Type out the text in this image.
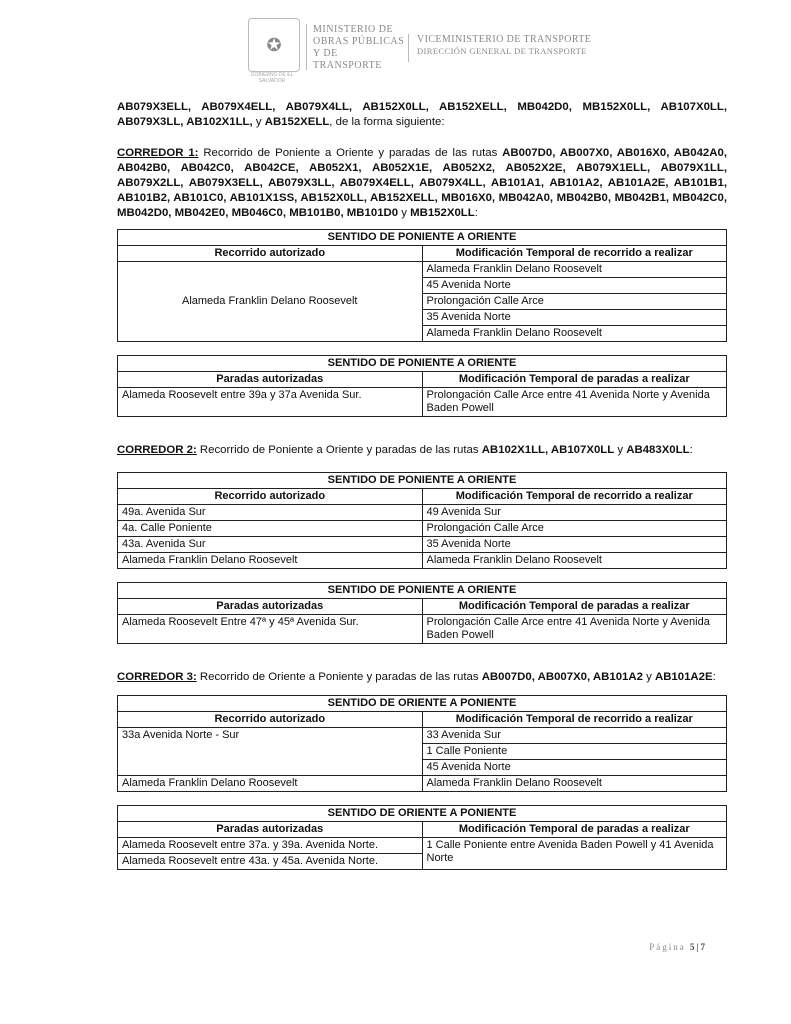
✪
GOBIERNO DE EL SALVADOR
MINISTERIO DE
OBRAS PÚBLICAS
Y DE TRANSPORTE
VICEMINISTERIO DE TRANSPORTE
DIRECCIÓN GENERAL DE TRANSPORTE

AB079X3ELL, AB079X4ELL, AB079X4LL, AB152X0LL, AB152XELL, MB042D0, MB152X0LL, AB107X0LL, AB079X3LL, AB102X1LL, y AB152XELL, de la forma siguiente:

CORREDOR 1: Recorrido de Poniente a Oriente y paradas de las rutas AB007D0, AB007X0, AB016X0, AB042A0, AB042B0, AB042C0, AB042CE, AB052X1, AB052X1E, AB052X2, AB052X2E, AB079X1ELL, AB079X1LL, AB079X2LL, AB079X3ELL, AB079X3LL, AB079X4ELL, AB079X4LL, AB101A1, AB101A2, AB101A2E, AB101B1, AB101B2, AB101C0, AB101X1SS, AB152X0LL, AB152XELL, MB016X0, MB042A0, MB042B0, MB042B1, MB042C0, MB042D0, MB042E0, MB046C0, MB101B0, MB101D0 y MB152X0LL:

SENTIDO DE PONIENTE A ORIENTE	
Recorrido autorizado	Modificación Temporal de recorrido a realizar
Alameda Franklin Delano Roosevelt	Alameda Franklin Delano Roosevelt
	45 Avenida Norte
	Prolongación Calle Arce
	35 Avenida Norte
	Alameda Franklin Delano Roosevelt
SENTIDO DE PONIENTE A ORIENTE	
Paradas autorizadas	Modificación Temporal de paradas a realizar
Alameda Roosevelt entre 39a y 37a Avenida Sur.	Prolongación Calle Arce entre 41 Avenida Norte y Avenida Baden Powell

CORREDOR 2: Recorrido de Poniente a Oriente y paradas de las rutas AB102X1LL, AB107X0LL y AB483X0LL:

SENTIDO DE PONIENTE A ORIENTE	
Recorrido autorizado	Modificación Temporal de recorrido a realizar
49a. Avenida Sur	49 Avenida Sur
4a. Calle Poniente	Prolongación Calle Arce
43a. Avenida Sur	35 Avenida Norte
Alameda Franklin Delano Roosevelt	Alameda Franklin Delano Roosevelt
SENTIDO DE PONIENTE A ORIENTE	
Paradas autorizadas	Modificación Temporal de paradas a realizar
Alameda Roosevelt Entre 47ª y 45ª Avenida Sur.	Prolongación Calle Arce entre 41 Avenida Norte y Avenida Baden Powell

CORREDOR 3: Recorrido de Oriente a Poniente y paradas de las rutas AB007D0, AB007X0, AB101A2 y AB101A2E:

SENTIDO DE ORIENTE A PONIENTE	
Recorrido autorizado	Modificación Temporal de recorrido a realizar
33a Avenida Norte - Sur	33 Avenida Sur
	1 Calle Poniente
	45 Avenida Norte
Alameda Franklin Delano Roosevelt	Alameda Franklin Delano Roosevelt
SENTIDO DE ORIENTE A PONIENTE	
Paradas autorizadas	Modificación Temporal de paradas a realizar
Alameda Roosevelt entre 37a. y 39a. Avenida Norte.	1 Calle Poniente entre Avenida Baden Powell y 41 Avenida Norte
Alameda Roosevelt entre 43a. y 45a. Avenida Norte.	
Página 5|7
